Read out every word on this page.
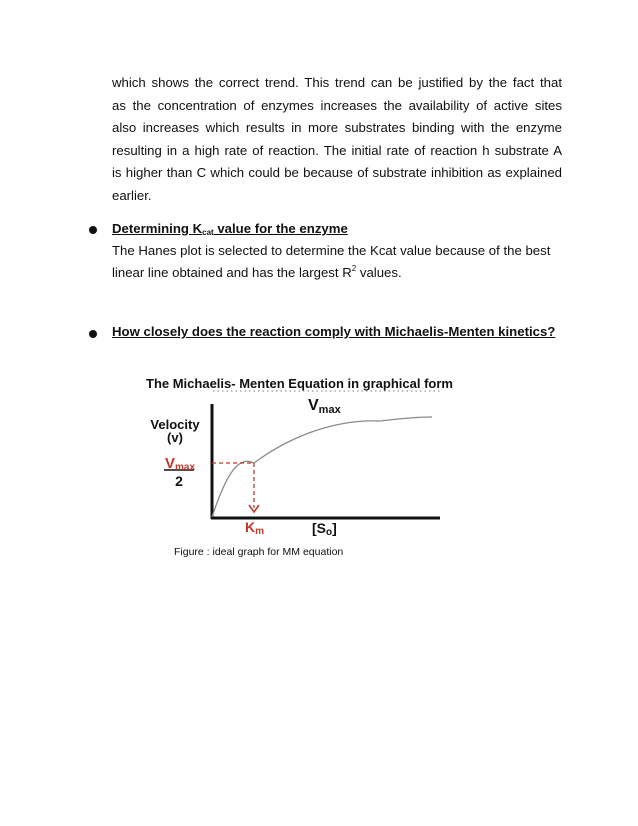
which shows the correct trend. This trend can be justified by the fact that
as the concentration of enzymes increases the availability of active sites
also increases which results in more substrates binding with the enzyme
resulting in a high rate of reaction. The initial rate of reaction h substrate A
is higher than C which could be because of substrate inhibition as explained
earlier.
Determining $K_{cat}$ value for the enzyme
The Hanes plot is selected to determine the Kcat value because of the best
linear line obtained and has the largest $R^2$ values.
How closely does the reaction comply with Michaelis-Menten kinetics?
The Michaelis- Menten Equation in graphical form
Velocity
(v)
Vmax
Vmax
2
Km	[So]
Figure : ideal graph for MM equation
